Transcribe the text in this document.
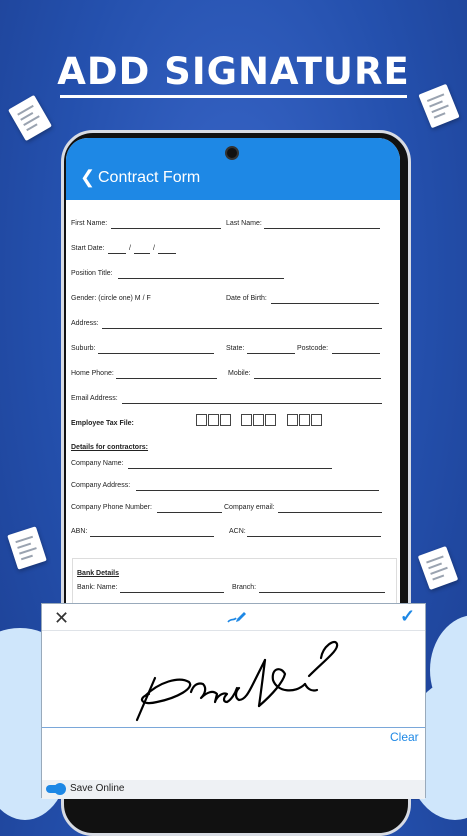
ADD SIGNATURE
❮ Contract Form
First Name:	Last Name:
Start Date:	/	/
Position Title:
Gender: (circle one) M / F	Date of Birth:
Address:
Suburb:	State:	Postcode:
Home Phone:	Mobile:
Email Address:
Employee Tax File:
Details for contractors:
Company Name:
Company Address:
Company Phone Number:	Company email:
ABN:	ACN:
Bank Details
Bank: Name:	Branch:
✕	✓
Clear
Save Online
